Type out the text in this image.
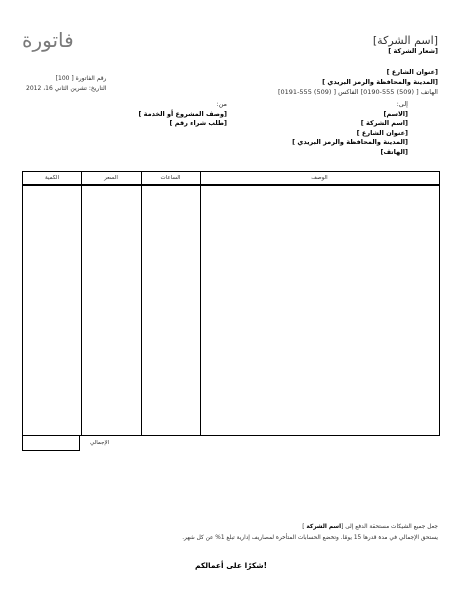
فاتورة	[اسم الشركة]
[شعار الشركة ]
رقم الفاتورة [ 100]
التاريخ: تشرين الثاني 16، 2012
[عنوان الشارع ]
[المدينة والمحافظة والرمز البريدي ]
الهاتف [ (509) 555-0190] الفاكس [ (509) 555-0191]
إلى:
[الاسم]
[اسم الشركة ]
[عنوان الشارع ]
[المدينة والمحافظة والرمز البريدي ]
[الهاتف]
من:
[وصف المشروع أو الخدمة ]
[طلب شراء رقم ]
الكمية	السعر	الساعات	الوصف
الإجمالي
جعل جميع الشيكات مستحقة الدفع إلى [اسم الشركة ]
يستحق الإجمالي في مدة قدرها 15 يومًا. وتخضع الحسابات المتأخرة لمصاريف إدارية تبلغ 1% عن كل شهر.
شكرًا على أعمالكم!
